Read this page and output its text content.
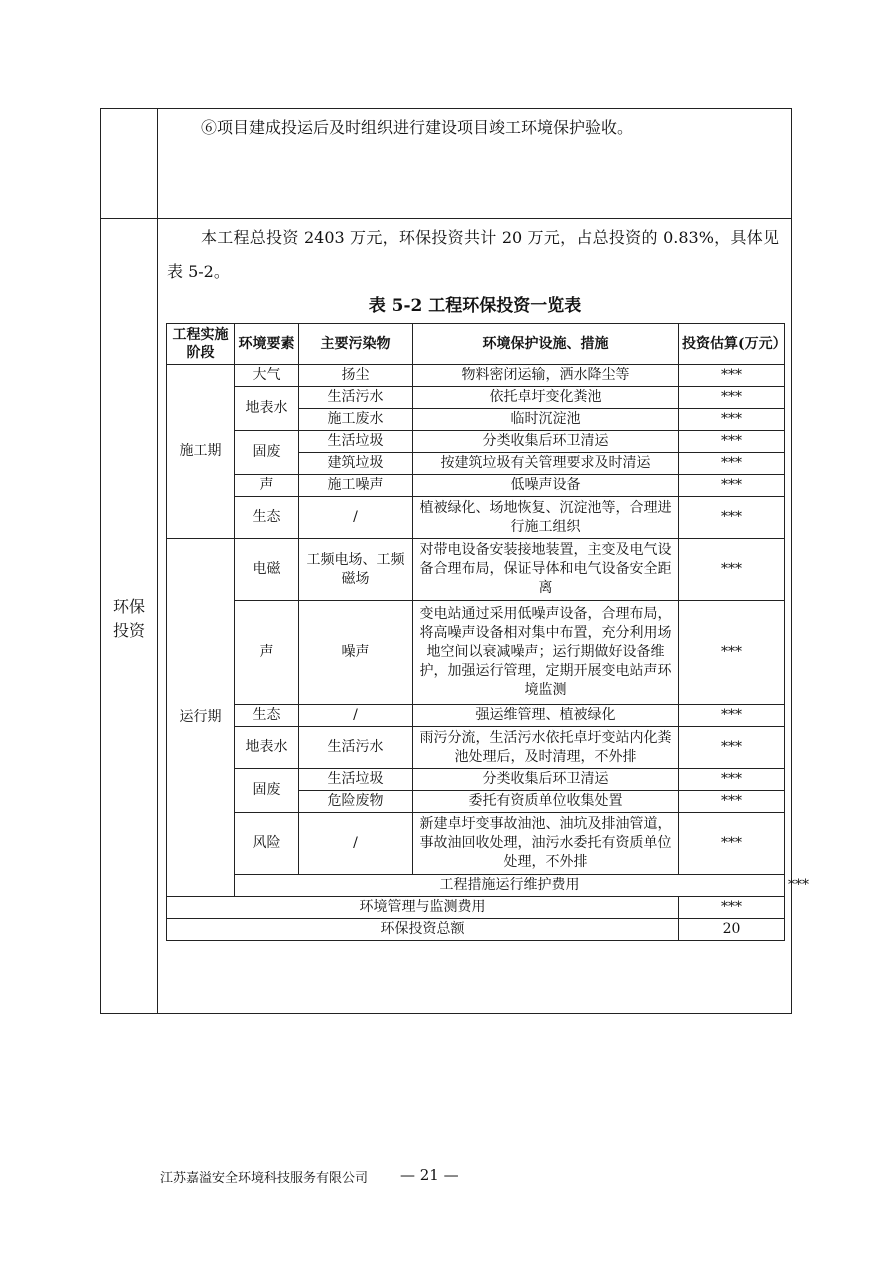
⑥项目建成投运后及时组织进行建设项目竣工环境保护验收。
环保投资
本工程总投资 2403 万元，环保投资共计 20 万元，占总投资的 0.83%，具体见表 5-2。
表 5-2 工程环保投资一览表
工程实施阶段	环境要素	主要污染物	环境保护设施、措施	投资估算(万元）	
施工期	大气	扬尘	物料密闭运输，洒水降尘等	***	
	地表水	生活污水	依托卓圩变化粪池	***	
		施工废水	临时沉淀池	***	
	固废	生活垃圾	分类收集后环卫清运	***	
		建筑垃圾	按建筑垃圾有关管理要求及时清运	***	
	声	施工噪声	低噪声设备	***	
	生态	/	植被绿化、场地恢复、沉淀池等，合理进行施工组织	***	
运行期	电磁	工频电场、工频磁场	对带电设备安装接地装置，主变及电气设备合理布局，保证导体和电气设备安全距离	***	
	声	噪声	变电站通过采用低噪声设备，合理布局，将高噪声设备相对集中布置，充分利用场地空间以衰减噪声；运行期做好设备维护，加强运行管理，定期开展变电站声环境监测	***	
	生态	/	强运维管理、植被绿化	***	
	地表水	生活污水	雨污分流，生活污水依托卓圩变站内化粪池处理后，及时清理，不外排	***	
	固废	生活垃圾	分类收集后环卫清运	***	
		危险废物	委托有资质单位收集处置	***	
	风险	/	新建卓圩变事故油池、油坑及排油管道，事故油回收处理，油污水委托有资质单位处理，不外排	***	
	工程措施运行维护费用				***
环境管理与监测费用				***	
环保投资总额				20	
江苏嘉溢安全环境科技服务有限公司 — 21 —
